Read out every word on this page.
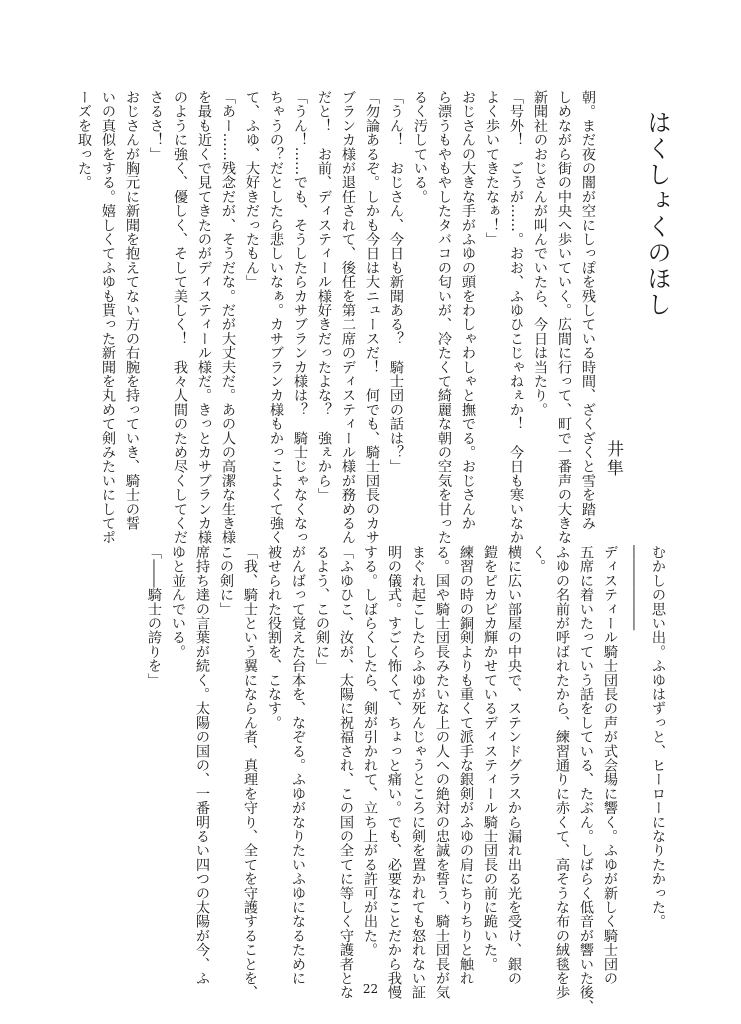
はくしょくのほし
井隼
朝。まだ夜の闇が空にしっぽを残している時間、ざくざくと雪を踏み
しめながら街の中央へ歩いていく。広間に行って、町で一番声の大きな
新聞社のおじさんが叫んでいたら、今日は当たり。
「号外！　ごうが……。おお、ふゆひこじゃねぇか！　今日も寒いなか
よく歩いてきたなぁ！」
おじさんの大きな手がふゆの頭をわしゃわしゃと撫でる。おじさんか
ら漂うもやもやしたタバコの匂いが、冷たくて綺麗な朝の空気を甘った
るく汚している。
「うん！　おじさん、今日も新聞ある？　騎士団の話は？」
「勿論あるぞ。しかも今日は大ニュースだ！　何でも、騎士団長のカサ
ブランカ様が退任されて、後任を第二席のディスティール様が務めるん
だと！　お前、ディスティール様好きだったよな？　強ぇから」
「うん！……でも、そうしたらカサブランカ様は？　騎士じゃなくなっ
ちゃうの？だとしたら悲しいなぁ。カサブランカ様もかっこよくて強く
て、ふゆ、大好きだったもん」
「あー……残念だが、そうだな。だが大丈夫だ。あの人の高潔な生き様
を最も近くで見てきたのがディスティール様だ。きっとカサブランカ様
のように強く、優しく、そして美しく！　我々人間のため尽くしてくだ
さるさ！」
おじさんが胸元に新聞を抱えてない方の右腕を持っていき、騎士の誓
いの真似をする。嬉しくてふゆも貰った新聞を丸めて剣みたいにしてポ
ーズを取った。
むかしの思い出。ふゆはずっと、ヒーローになりたかった。
――――――
ディスティール騎士団長の声が式会場に響く。ふゆが新しく騎士団の
五席に着いたっていう話をしている、たぶん。しばらく低音が響いた後、
ふゆの名前が呼ばれたから、練習通りに赤くて、高そうな布の絨毯を歩
く。
横に広い部屋の中央で、ステンドグラスから漏れ出る光を受け、銀の
鎧をピカピカ輝かせているディスティール騎士団長の前に跪いた。
練習の時の銅剣よりも重くて派手な銀剣がふゆの肩にちりちりと触れ
る。国や騎士団長みたいな上の人への絶対の忠誠を誓う、騎士団長が気
まぐれ起こしたらふゆが死んじゃうところに剣を置かれても怒れない証
明の儀式。すごく怖くて、ちょっと痛い。でも、必要なことだから我慢
する。しばらくしたら、剣が引かれて、立ち上がる許可が出た。
「ふゆひこ、汝が、太陽に祝福され、この国の全てに等しく守護者とな
るよう、この剣に」
がんばって覚えた台本を、なぞる。ふゆがなりたいふゆになるために
被せられた役割を、こなす。
「我、騎士という翼にならん者、真理を守り、全てを守護することを、
この剣に」
席持ち達の言葉が続く。太陽の国の、一番明るい四つの太陽が今、ふ
ゆと並んでいる。
「――騎士の誇りを」
22
